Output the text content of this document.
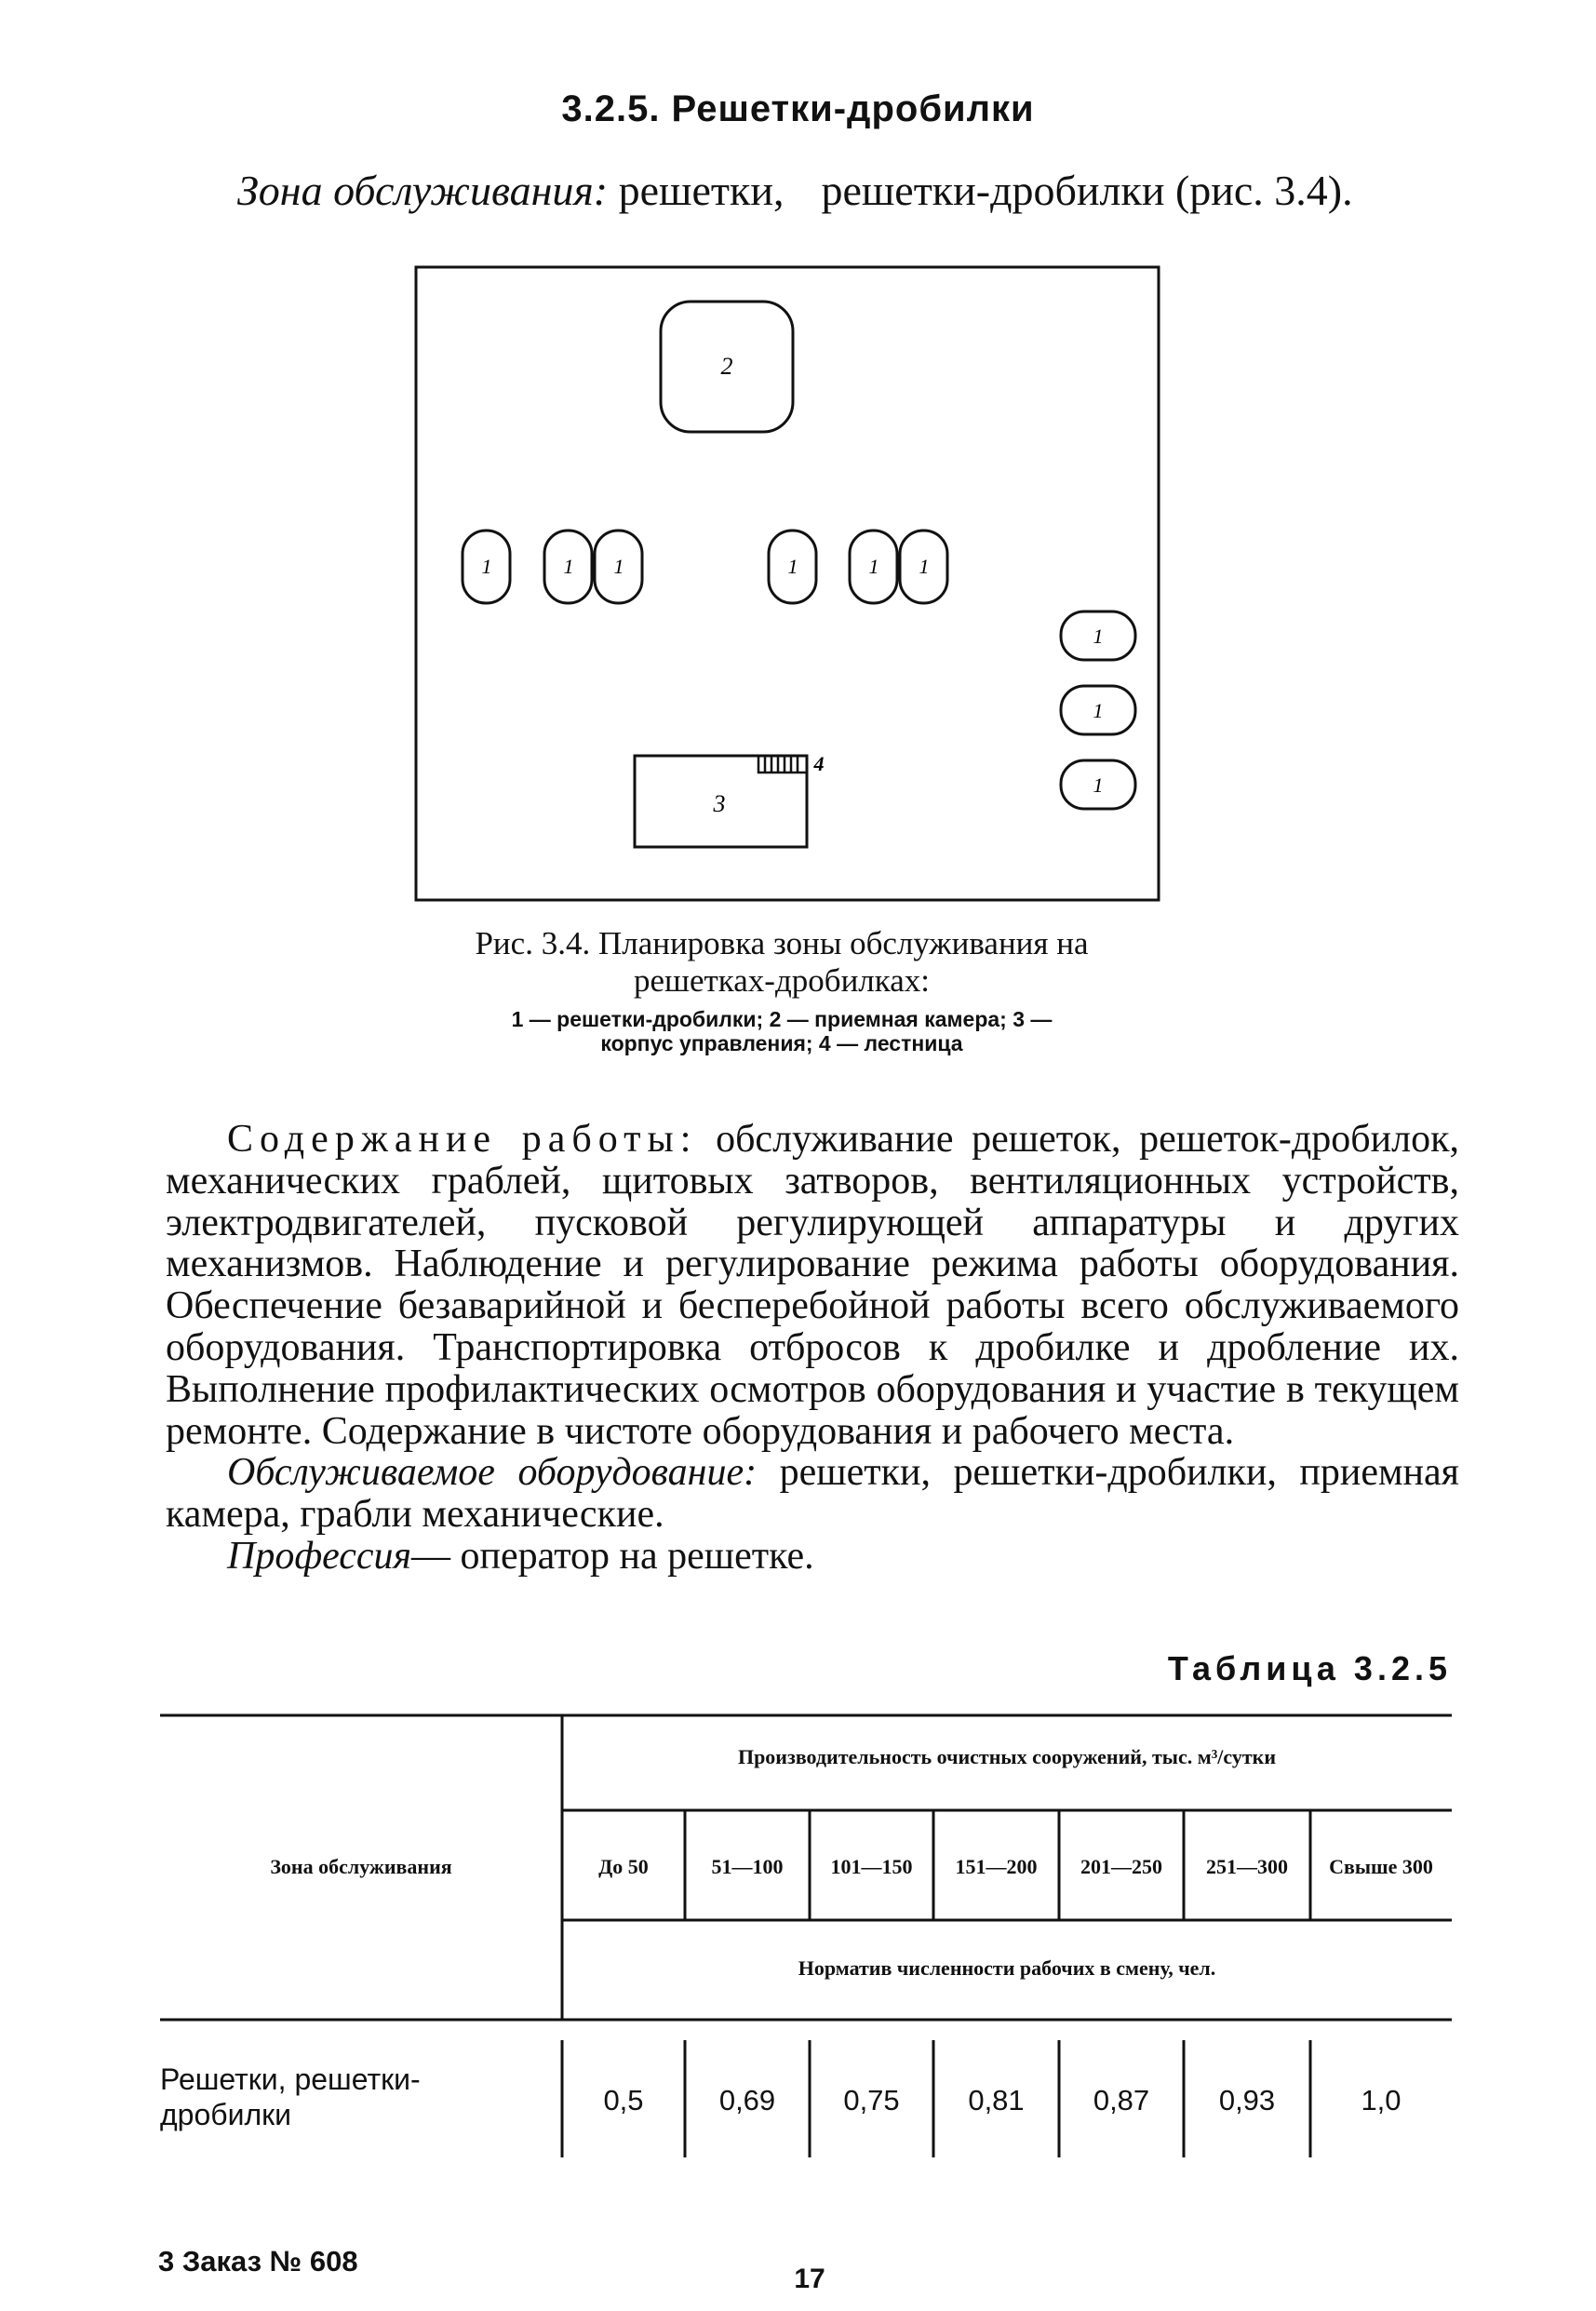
3.2.5. Решетки-дробилки
Зона обслуживания: решетки, решетки-дробилки (рис. 3.4).
2
1	1 1	1	1 1
1
1
1
3
4
Рис. 3.4. Планировка зоны обслуживания на
решетках-дробилках:
1 — решетки-дробилки; 2 — приемная камера; 3 —
корпус управления; 4 — лестница

Содержание работы: обслуживание решеток, решеток-дробилок, механических граблей, щитовых затворов, вентиляционных устройств, электродвигателей, пусковой регулирующей аппаратуры и других механизмов. Наблюдение и регулирование режима работы оборудования. Обеспечение безаварийной и бесперебойной работы всего обслуживаемого оборудования. Транспортировка отбросов к дробилке и дробление их. Выполнение профилактических осмотров оборудования и участие в текущем ремонте. Содержание в чистоте оборудования и рабочего места.

Обслуживаемое оборудование: решетки, решетки-дробилки, приемная камера, грабли механические.

Профессия— оператор на решетке.

Таблица 3.2.5
Зона обслуживания
Производительность очистных сооружений, тыс. м³/сутки
Норматив численности рабочих в смену, чел.
До 50	51—100	101—150	151—200	201—250	251—300	Свыше 300
Решетки, решетки-дробилки	0,5	0,69	0,75	0,81	0,87	0,93	1,0
3 Заказ № 608
17
